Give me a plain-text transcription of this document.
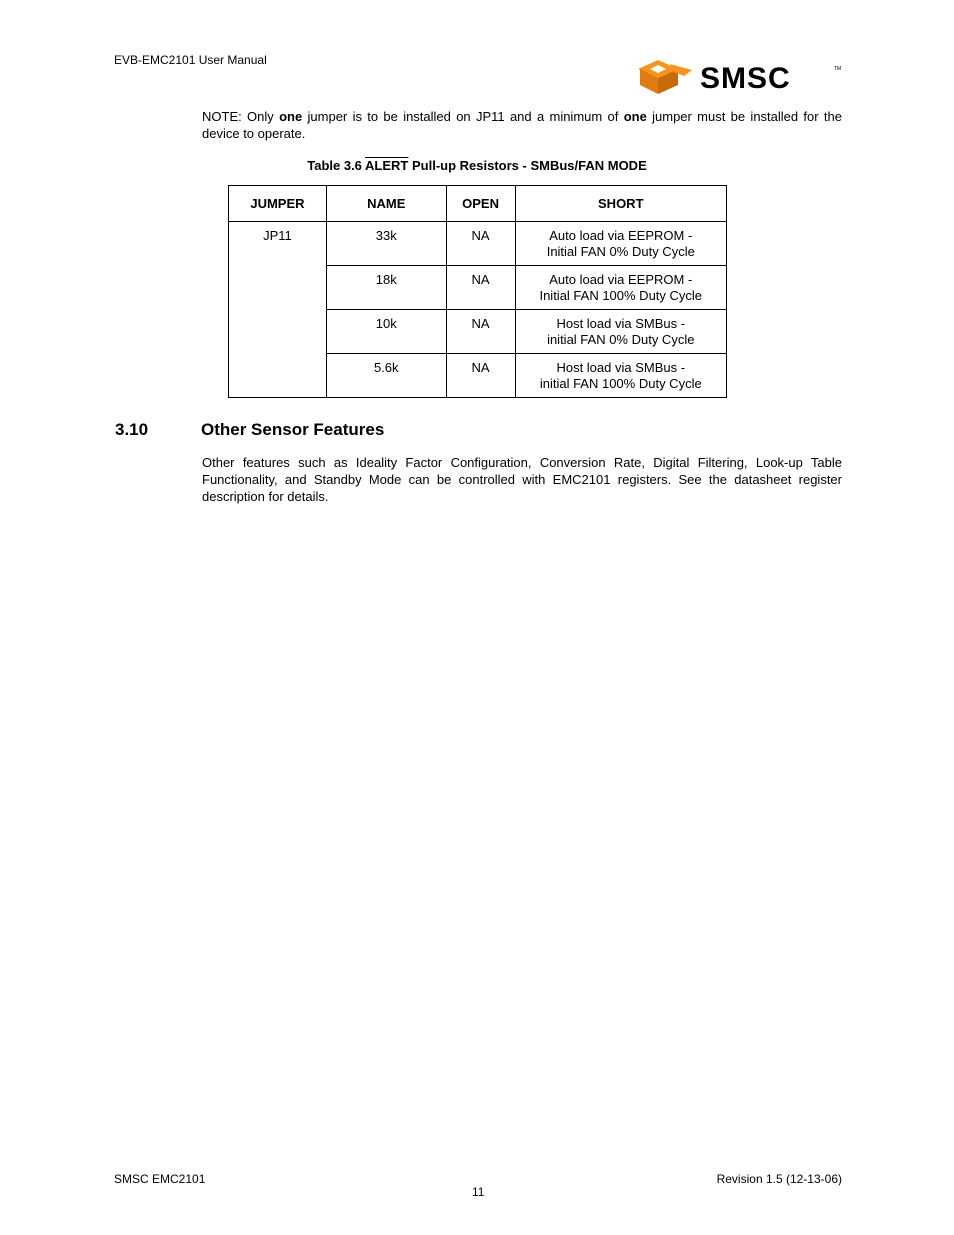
EVB-EMC2101 User Manual
SMSC	TM
NOTE: Only one jumper is to be installed on JP11 and a minimum of one jumper must be installed for the device to operate.
Table 3.6 ALERT Pull-up Resistors - SMBus/FAN MODE
JUMPER	NAME	OPEN	SHORT
JP11	33k	NA	Auto load via EEPROM -
Initial FAN 0% Duty Cycle
	18k	NA	Auto load via EEPROM -
Initial FAN 100% Duty Cycle
	10k	NA	Host load via SMBus -
initial FAN 0% Duty Cycle
	5.6k	NA	Host load via SMBus -
initial FAN 100% Duty Cycle
3.10	Other Sensor Features
Other features such as Ideality Factor Configuration, Conversion Rate, Digital Filtering, Look-up Table Functionality, and Standby Mode can be controlled with EMC2101 registers. See the datasheet register description for details.
SMSC EMC2101
11
Revision 1.5 (12-13-06)
